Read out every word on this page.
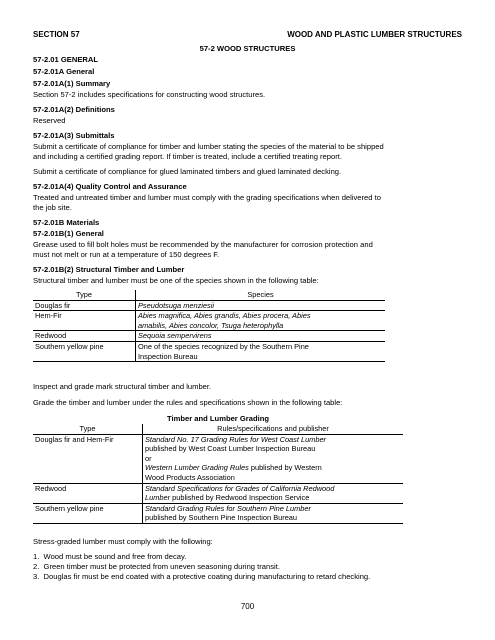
SECTION 57	WOOD AND PLASTIC LUMBER STRUCTURES
57-2 WOOD STRUCTURES
57-2.01 GENERAL
57-2.01A General
57-2.01A(1) Summary
Section 57-2 includes specifications for constructing wood structures.
57-2.01A(2) Definitions
Reserved
57-2.01A(3) Submittals
Submit a certificate of compliance for timber and lumber stating the species of the material to be shipped
and including a certified grading report. If timber is treated, include a certified treating report.
Submit a certificate of compliance for glued laminated timbers and glued laminated decking.
57-2.01A(4) Quality Control and Assurance
Treated and untreated timber and lumber must comply with the grading specifications when delivered to
the job site.
57-2.01B Materials
57-2.01B(1) General
Grease used to fill bolt holes must be recommended by the manufacturer for corrosion protection and
must not melt or run at a temperature of 150 degrees F.
57-2.01B(2) Structural Timber and Lumber
Structural timber and lumber must be one of the species shown in the following table:
Type	Species
Douglas fir	Pseudotsuga menziesii
Hem-Fir	Abies magnifica, Abies grandis, Abies procera, Abies
amabilis, Abies concolor, Tsuga heterophylla
Redwood	Sequoia sempervirens
Southern yellow pine	One of the species recognized by the Southern Pine
Inspection Bureau
Inspect and grade mark structural timber and lumber.
Grade the timber and lumber under the rules and specifications shown in the following table:
Timber and Lumber Grading
Type	Rules/specifications and publisher
Douglas fir and Hem-Fir	Standard No. 17 Grading Rules for West Coast Lumber
published by West Coast Lumber Inspection Bureau
or
Western Lumber Grading Rules published by Western
Wood Products Association
Redwood	Standard Specifications for Grades of California Redwood
Lumber published by Redwood Inspection Service
Southern yellow pine	Standard Grading Rules for Southern Pine Lumber
published by Southern Pine Inspection Bureau
Stress-graded lumber must comply with the following:
1.  Wood must be sound and free from decay.
2.  Green timber must be protected from uneven seasoning during transit.
3.  Douglas fir must be end coated with a protective coating during manufacturing to retard checking.
700
